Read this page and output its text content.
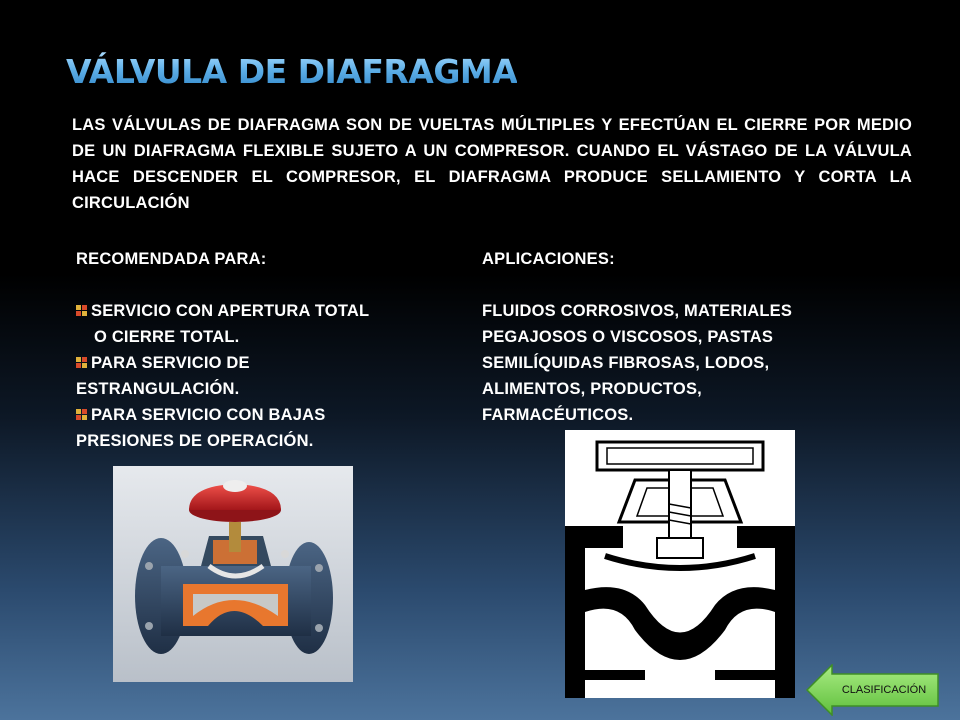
VÁLVULA DE DIAFRAGMA
LAS VÁLVULAS DE DIAFRAGMA SON DE VUELTAS MÚLTIPLES Y EFECTÚAN EL CIERRE POR MEDIO DE UN DIAFRAGMA FLEXIBLE SUJETO A UN COMPRESOR. CUANDO EL VÁSTAGO DE LA VÁLVULA HACE DESCENDER EL COMPRESOR, EL DIAFRAGMA PRODUCE SELLAMIENTO Y CORTA LA CIRCULACIÓN
RECOMENDADA PARA:
SERVICIO CON APERTURA TOTAL
O CIERRE TOTAL.
PARA SERVICIO DE
ESTRANGULACIÓN.
PARA SERVICIO CON BAJAS
PRESIONES DE OPERACIÓN.
APLICACIONES:
FLUIDOS CORROSIVOS, MATERIALES
PEGAJOSOS O VISCOSOS, PASTAS
SEMILÍQUIDAS FIBROSAS, LODOS,
ALIMENTOS, PRODUCTOS,
FARMACÉUTICOS.
CLASIFICACIÓN
